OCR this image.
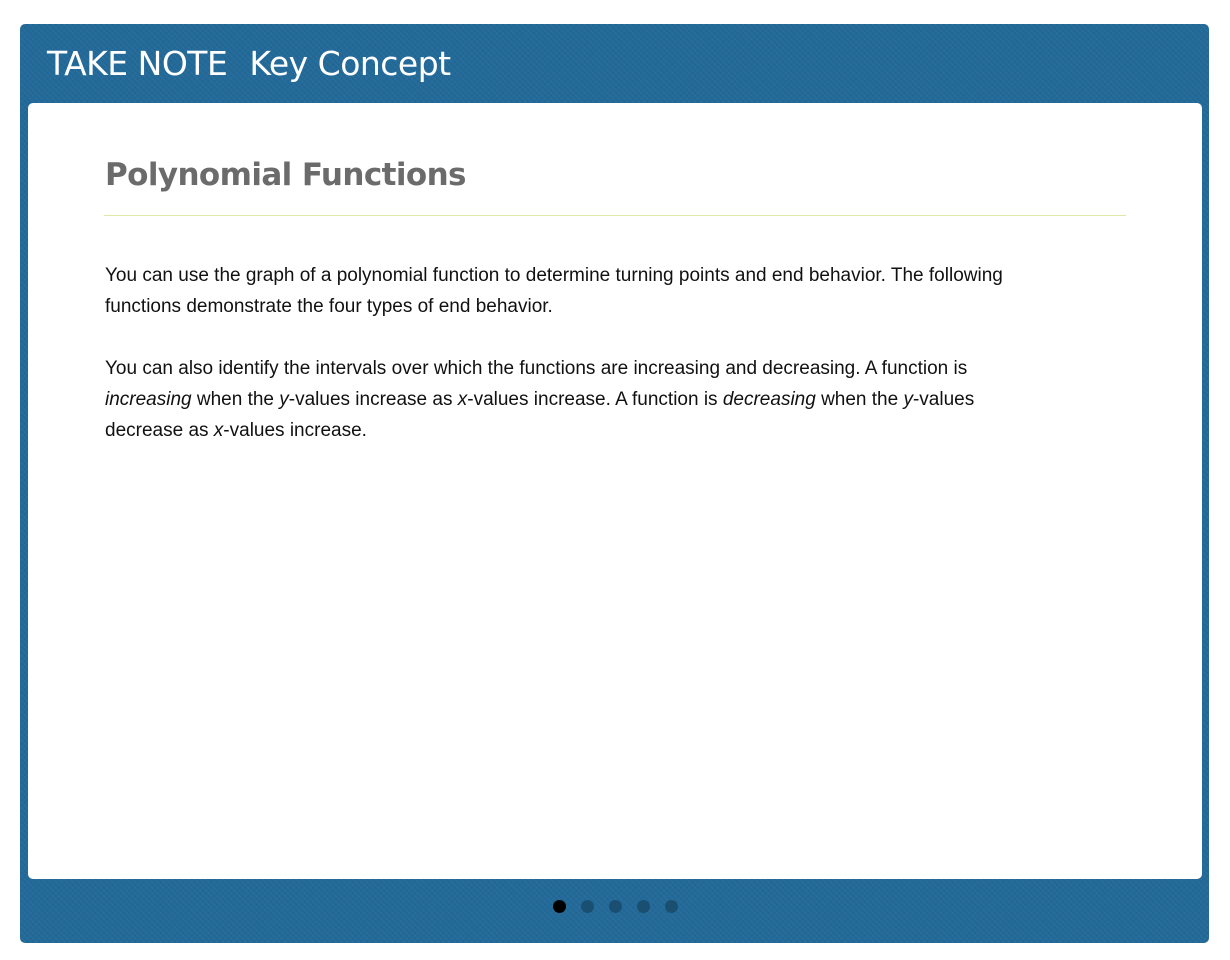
TAKE NOTE Key Concept
Polynomial Functions

You can use the graph of a polynomial function to determine turning points and end behavior. The following functions demonstrate the four types of end behavior.

You can also identify the intervals over which the functions are increasing and decreasing. A function is increasing when the y-values increase as x-values increase. A function is decreasing when the y-values decrease as x-values increase.
